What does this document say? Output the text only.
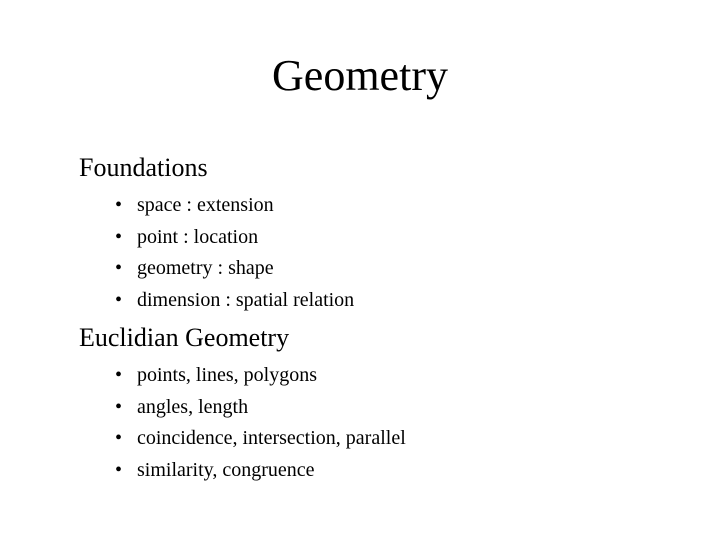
Geometry
Foundations
• space : extension
• point : location
• geometry : shape
• dimension : spatial relation
Euclidian Geometry
• points, lines, polygons
• angles, length
• coincidence, intersection, parallel
• similarity, congruence
